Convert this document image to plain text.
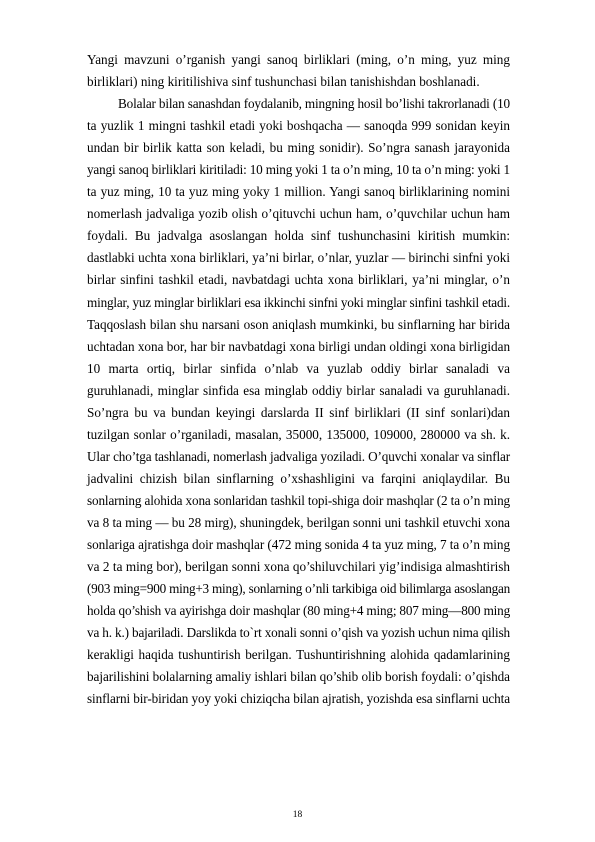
Yangi mavzuni o’rganish yangi sanoq birliklari (ming, o’n ming, yuz ming
birliklari) ning kiritilishiva sinf tushunchasi bilan tanishishdan boshlanadi.
Bolalar bilan sanashdan foydalanib, mingning hosil bo’lishi takrorlanadi (10
ta yuzlik 1 mingni tashkil etadi yoki boshqacha — sanoqda 999 sonidan keyin
undan bir birlik katta son keladi, bu ming sonidir). So’ngra sanash jarayonida
yangi sanoq birliklari kiritiladi: 10 ming yoki 1 ta o’n ming, 10 ta o’n ming: yoki 1
ta yuz ming, 10 ta yuz ming yoky 1 million. Yangi sanoq birliklarining nomini
nomerlash jadvaliga yozib olish o’qituvchi uchun ham, o’quvchilar uchun ham
foydali. Bu jadvalga asoslangan holda sinf tushunchasini kiritish mumkin:
dastlabki uchta xona birliklari, ya’ni birlar, o’nlar, yuzlar — birinchi sinfni yoki
birlar sinfini tashkil etadi, navbatdagi uchta xona birliklari, ya’ni minglar, o’n
minglar, yuz minglar birliklari esa ikkinchi sinfni yoki minglar sinfini tashkil etadi.
Taqqoslash bilan shu narsani oson aniqlash mumkinki, bu sinflarning har birida
uchtadan xona bor, har bir navbatdagi xona birligi undan oldingi xona birligidan
10 marta ortiq, birlar sinfida o’nlab va yuzlab oddiy birlar sanaladi va
guruhlanadi, minglar sinfida esa minglab oddiy birlar sanaladi va guruhlanadi.
So’ngra bu va bundan keyingi darslarda II sinf birliklari (II sinf sonlari)dan
tuzilgan sonlar o’rganiladi, masalan, 35000, 135000, 109000, 280000 va sh. k.
Ular cho’tga tashlanadi, nomerlash jadvaliga yoziladi. O’quvchi xonalar va sinflar
jadvalini chizish bilan sinflarning o’xshashligini va farqini aniqlaydilar. Bu
sonlarning alohida xona sonlaridan tashkil topi-shiga doir mashqlar (2 ta o’n ming
va 8 ta ming — bu 28 mirg), shuningdek, berilgan sonni uni tashkil etuvchi xona
sonlariga ajratishga doir mashqlar (472 ming sonida 4 ta yuz ming, 7 ta o’n ming
va 2 ta ming bor), berilgan sonni xona qo’shiluvchilari yig’indisiga almashtirish
(903 ming=900 ming+3 ming), sonlarning o’nli tarkibiga oid bilimlarga asoslangan
holda qo’shish va ayirishga doir mashqlar (80 ming+4 ming; 807 ming—800 ming
va h. k.) bajariladi. Darslikda to`rt xonali sonni o’qish va yozish uchun nima qilish
kerakligi haqida tushuntirish berilgan. Tushuntirishning alohida qadamlarining
bajarilishini bolalarning amaliy ishlari bilan qo’shib olib borish foydali: o’qishda
sinflarni bir-biridan yoy yoki chiziqcha bilan ajratish, yozishda esa sinflarni uchta
18
